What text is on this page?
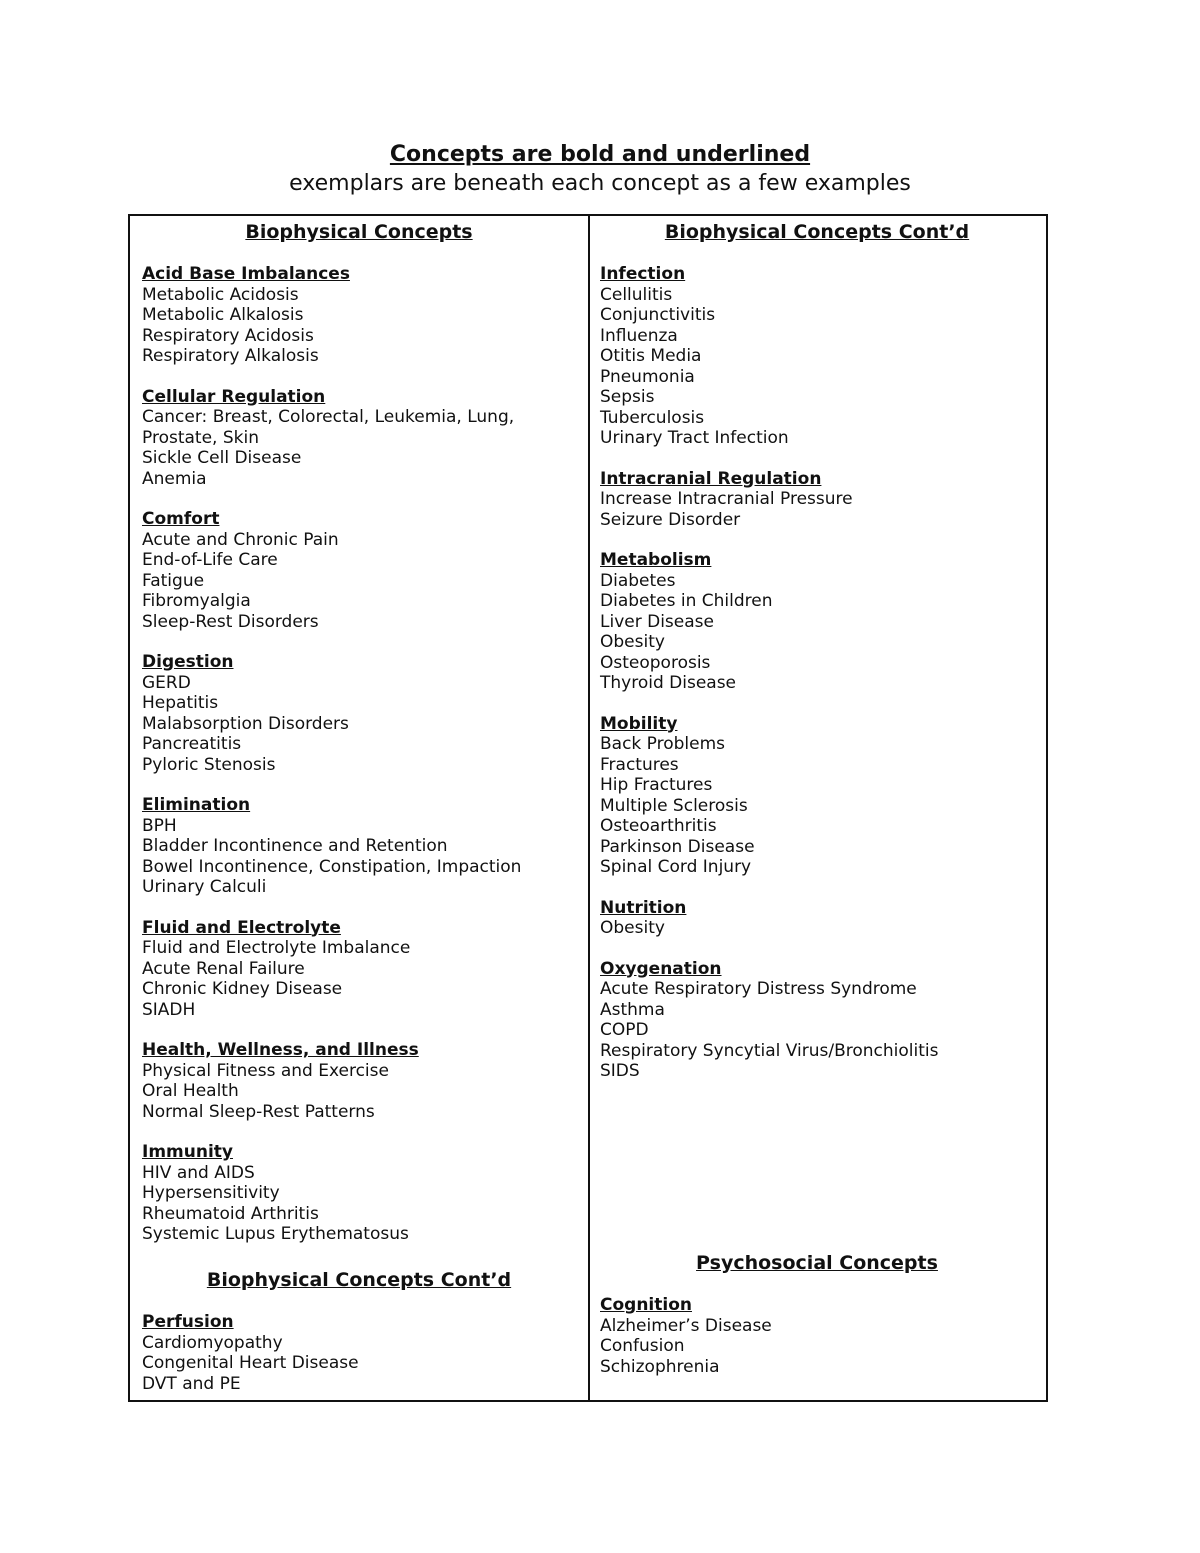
Concepts are bold and underlined
exemplars are beneath each concept as a few examples
Biophysical Concepts
Acid Base Imbalances
Metabolic Acidosis
Metabolic Alkalosis
Respiratory Acidosis
Respiratory Alkalosis
Cellular Regulation
Cancer: Breast, Colorectal, Leukemia, Lung, Prostate, Skin
Sickle Cell Disease
Anemia
Comfort
Acute and Chronic Pain
End-of-Life Care
Fatigue
Fibromyalgia
Sleep-Rest Disorders
Digestion
GERD
Hepatitis
Malabsorption Disorders
Pancreatitis
Pyloric Stenosis
Elimination
BPH
Bladder Incontinence and Retention
Bowel Incontinence, Constipation, Impaction
Urinary Calculi
Fluid and Electrolyte
Fluid and Electrolyte Imbalance
Acute Renal Failure
Chronic Kidney Disease
SIADH
Health, Wellness, and Illness
Physical Fitness and Exercise
Oral Health
Normal Sleep-Rest Patterns
Immunity
HIV and AIDS
Hypersensitivity
Rheumatoid Arthritis
Systemic Lupus Erythematosus
Biophysical Concepts Cont’d
Perfusion
Cardiomyopathy
Congenital Heart Disease
DVT and PE
Biophysical Concepts Cont’d
Infection
Cellulitis
Conjunctivitis
Influenza
Otitis Media
Pneumonia
Sepsis
Tuberculosis
Urinary Tract Infection
Intracranial Regulation
Increase Intracranial Pressure
Seizure Disorder
Metabolism
Diabetes
Diabetes in Children
Liver Disease
Obesity
Osteoporosis
Thyroid Disease
Mobility
Back Problems
Fractures
Hip Fractures
Multiple Sclerosis
Osteoarthritis
Parkinson Disease
Spinal Cord Injury
Nutrition
Obesity
Oxygenation
Acute Respiratory Distress Syndrome
Asthma
COPD
Respiratory Syncytial Virus/Bronchiolitis
SIDS
Psychosocial Concepts
Cognition
Alzheimer’s Disease
Confusion
Schizophrenia
